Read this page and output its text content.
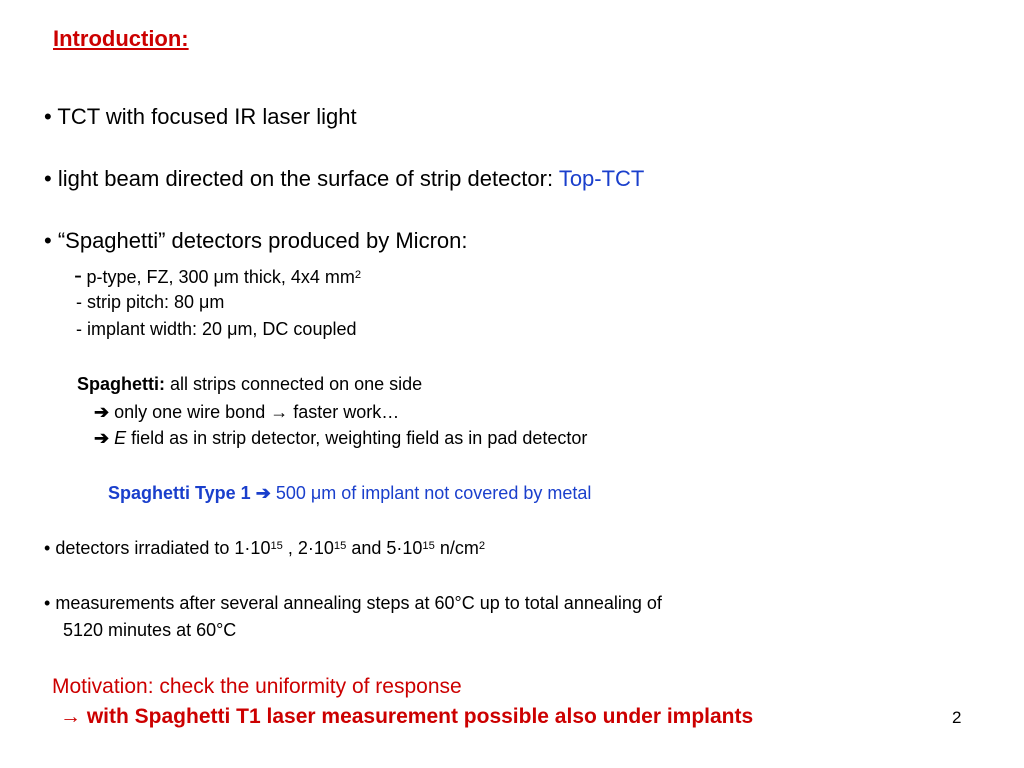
Introduction:
• TCT with focused IR laser light
• light beam directed on the surface of strip detector: Top-TCT
• “Spaghetti” detectors produced by Micron:
- p-type, FZ, 300 μm thick, 4x4 $mm^2$
- strip pitch: 80 μm
- implant width: 20 μm, DC coupled
Spaghetti: all strips connected on one side
➔ only one wire bond → faster work…
➔ E field as in strip detector, weighting field as in pad detector
Spaghetti Type 1 ➔ 500 μm of implant not covered by metal
• detectors irradiated to $1\cdot 10^{15}$ , $2\cdot 10^{15}$ and $5\cdot 10^{15}$ $n/cm^2$
• measurements after several annealing steps at 60°C up to total annealing of
5120 minutes at 60°C
Motivation: check the uniformity of response
→ with Spaghetti T1 laser measurement possible also under implants	2
